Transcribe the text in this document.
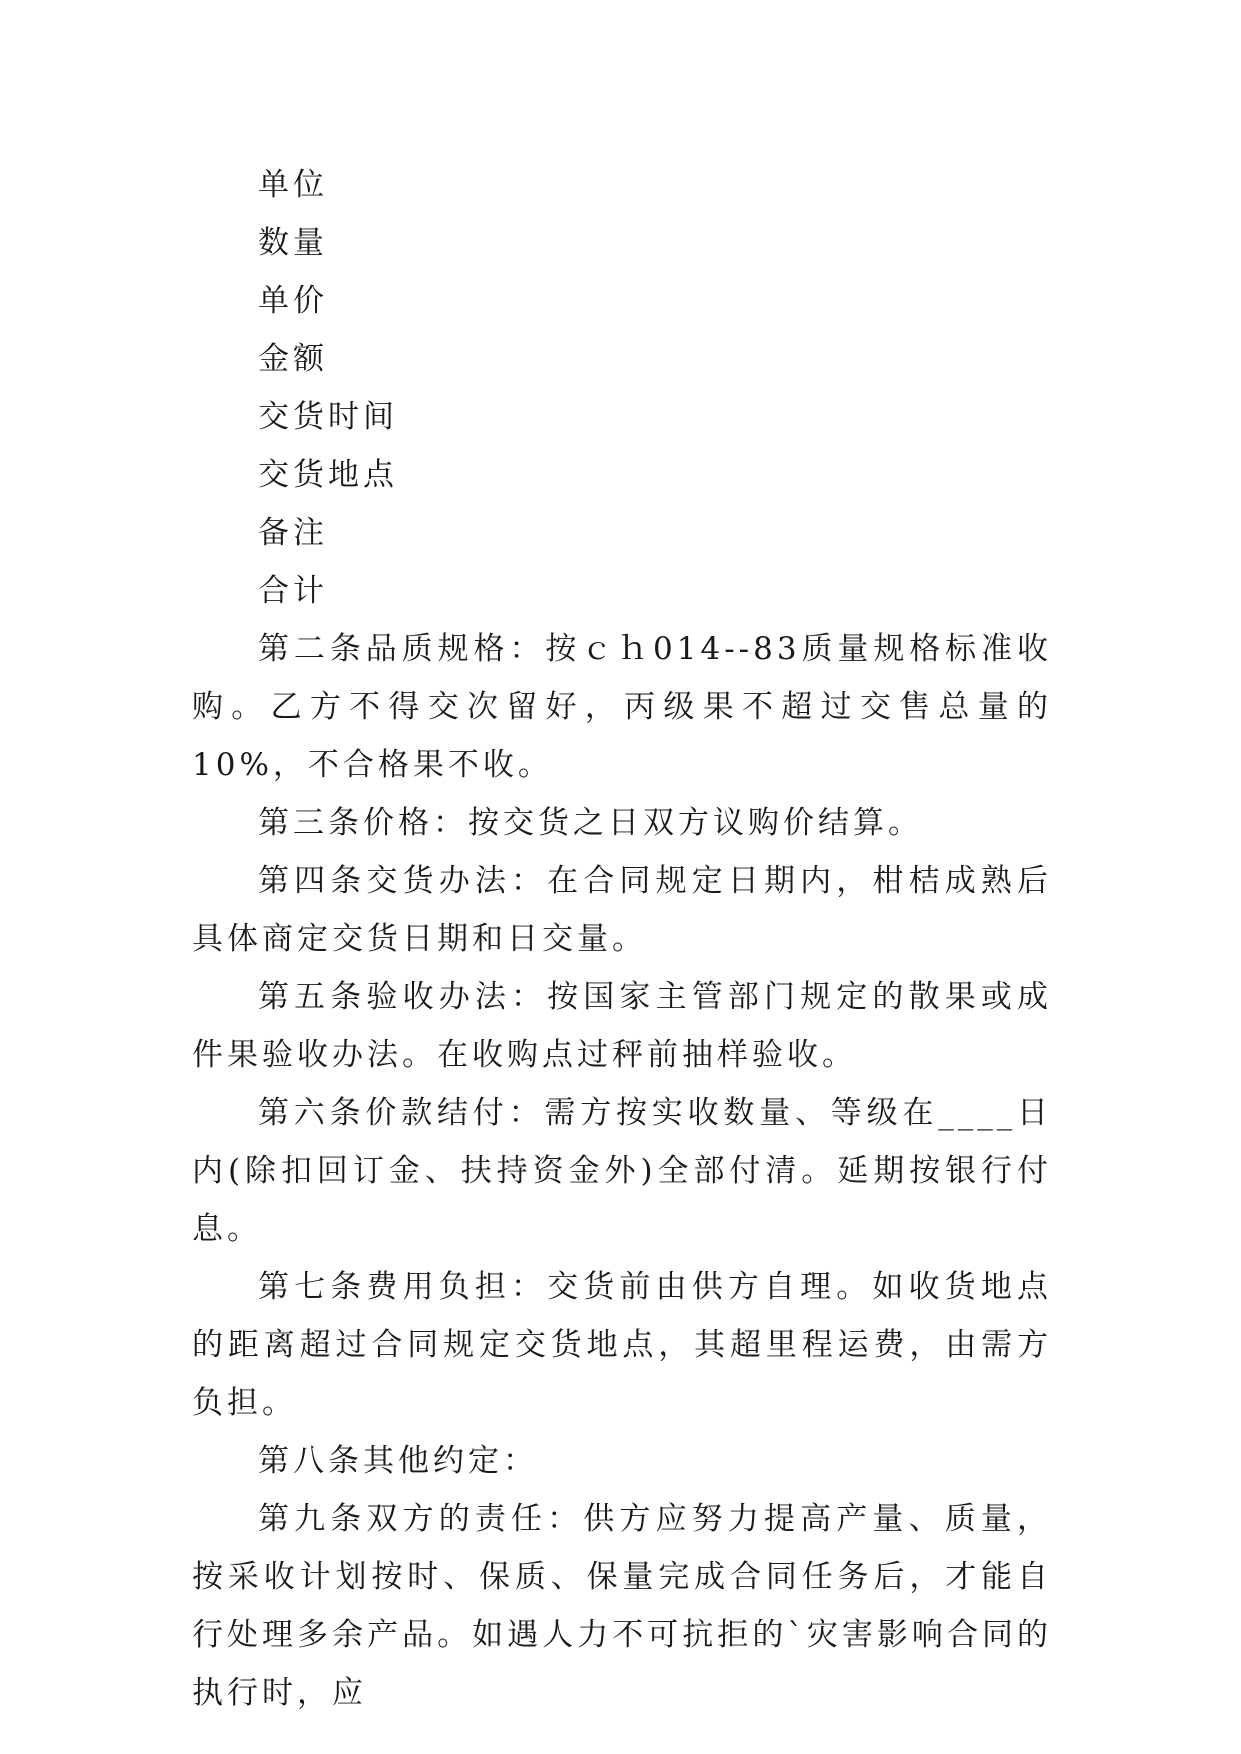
单位

数量

单价

金额

交货时间

交货地点

备注

合计

第二条品质规格：按ｃｈ014--83质量规格标准收购。乙方不得交次留好，丙级果不超过交售总量的10%，不合格果不收。

第三条价格：按交货之日双方议购价结算。

第四条交货办法：在合同规定日期内，柑桔成熟后具体商定交货日期和日交量。

第五条验收办法：按国家主管部门规定的散果或成件果验收办法。在收购点过秤前抽样验收。

第六条价款结付：需方按实收数量、等级在____日内(除扣回订金、扶持资金外)全部付清。延期按银行付息。

第七条费用负担：交货前由供方自理。如收货地点的距离超过合同规定交货地点，其超里程运费，由需方负担。

第八条其他约定：

第九条双方的责任：供方应努力提高产量、质量，按采收计划按时、保质、保量完成合同任务后，才能自行处理多余产品。如遇人力不可抗拒的`灾害影响合同的执行时，应
